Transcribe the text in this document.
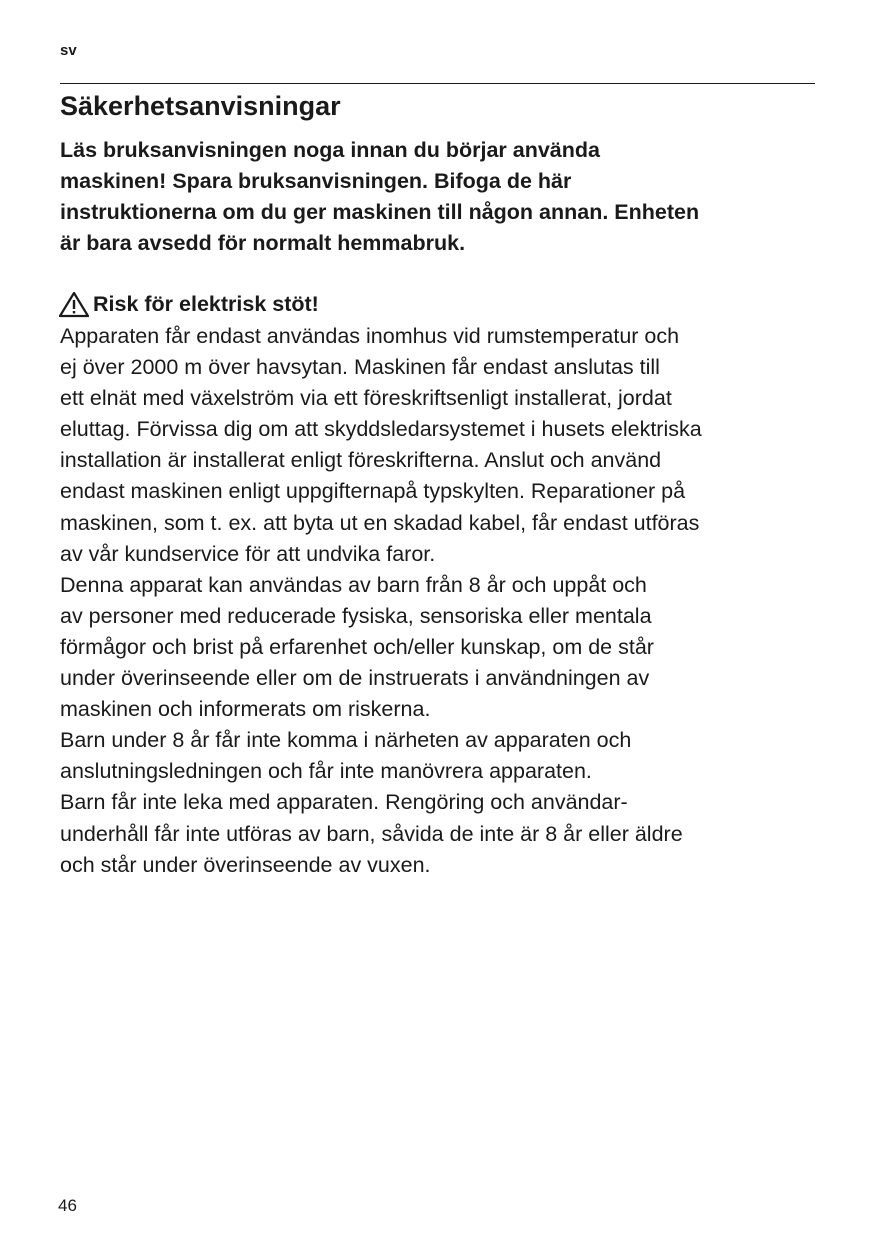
sv
Säkerhetsanvisningar
Läs bruksanvisningen noga innan du börjar använda
maskinen! Spara bruksanvisningen. Bifoga de här
instruktionerna om du ger maskinen till någon annan. Enheten
är bara avsedd för normalt hemmabruk.
Risk för elektrisk stöt!
Apparaten får endast användas inomhus vid rumstemperatur och
ej över 2000 m över havsytan. Maskinen får endast anslutas till
ett elnät med växelström via ett föreskriftsenligt installerat, jordat
eluttag. Förvissa dig om att skyddsledarsystemet i husets elektriska
installation är installerat enligt föreskrifterna. Anslut och använd
endast maskinen enligt uppgifternapå typskylten. Reparationer på
maskinen, som t. ex. att byta ut en skadad kabel, får endast utföras
av vår kundservice för att undvika faror.
Denna apparat kan användas av barn från 8 år och uppåt och
av personer med reducerade fysiska, sensoriska eller mentala
förmågor och brist på erfarenhet och/eller kunskap, om de står
under överinseende eller om de instruerats i användningen av
maskinen och informerats om riskerna.
Barn under 8 år får inte komma i närheten av apparaten och
anslutningsledningen och får inte manövrera apparaten.
Barn får inte leka med apparaten. Rengöring och användar-
underhåll får inte utföras av barn, såvida de inte är 8 år eller äldre
och står under överinseende av vuxen.
46
